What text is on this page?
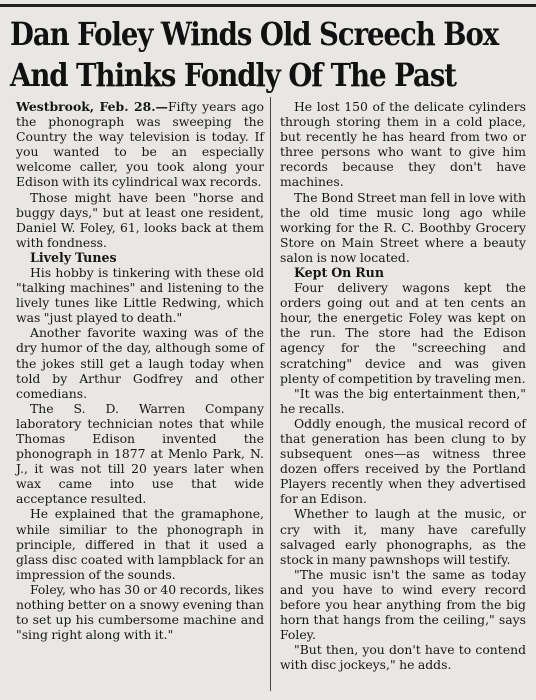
Dan Foley Winds Old Screech Box
And Thinks Fondly Of The Past

Westbrook, Feb. 28.—Fifty years ago the phonograph was sweeping the Country the way television is today. If you wanted to be an especially welcome caller, you took along your Edison with its cylindrical wax records.

Those might have been "horse and buggy days," but at least one resident, Daniel W. Foley, 61, looks back at them with fondness.

Lively Tunes

His hobby is tinkering with these old "talking machines" and listening to the lively tunes like Little Redwing, which was "just played to death."

Another favorite waxing was of the dry humor of the day, although some of the jokes still get a laugh today when told by Arthur Godfrey and other comedians.

The S. D. Warren Company laboratory technician notes that while Thomas Edison invented the phonograph in 1877 at Menlo Park, N. J., it was not till 20 years later when wax came into use that wide acceptance resulted.

He explained that the gramaphone, while similiar to the phonograph in principle, differed in that it used a glass disc coated with lampblack for an impression of the sounds.

Foley, who has 30 or 40 records, likes nothing better on a snowy evening than to set up his cumbersome machine and "sing right along with it."

He lost 150 of the delicate cylinders through storing them in a cold place, but recently he has heard from two or three persons who want to give him records because they don't have machines.

The Bond Street man fell in love with the old time music long ago while working for the R. C. Boothby Grocery Store on Main Street where a beauty salon is now located.

Kept On Run

Four delivery wagons kept the orders going out and at ten cents an hour, the energetic Foley was kept on the run. The store had the Edison agency for the "screeching and scratching" device and was given plenty of competition by traveling men.

"It was the big entertainment then," he recalls.

Oddly enough, the musical record of that generation has been clung to by subsequent ones—as witness three dozen offers received by the Portland Players recently when they advertised for an Edison.

Whether to laugh at the music, or cry with it, many have carefully salvaged early phonographs, as the stock in many pawnshops will testify.

"The music isn't the same as today and you have to wind every record before you hear anything from the big horn that hangs from the ceiling," says Foley.

"But then, you don't have to contend with disc jockeys," he adds.
